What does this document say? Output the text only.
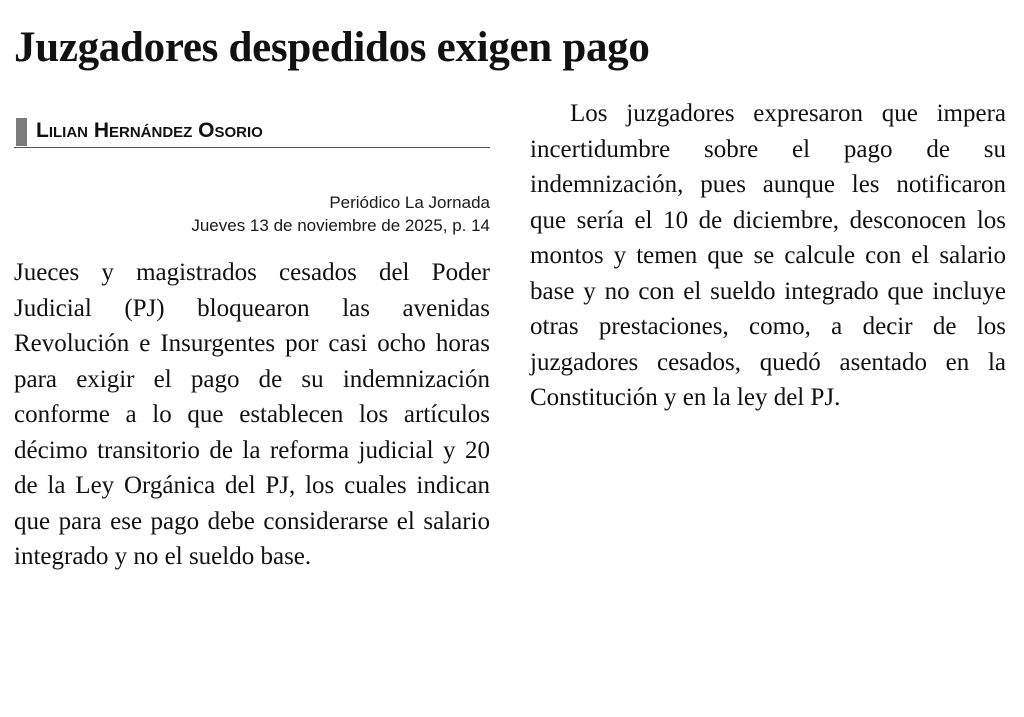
Juzgadores despedidos exigen pago
Lilian Hernández Osorio
Periódico La Jornada
Jueves 13 de noviembre de 2025, p. 14

Jueces y magistrados cesados del Poder Judicial (PJ) bloquearon las avenidas Revolución e Insurgentes por casi ocho horas para exigir el pago de su indemnización conforme a lo que establecen los artículos décimo transitorio de la reforma judicial y 20 de la Ley Orgánica del PJ, los cuales indican que para ese pago debe considerarse el salario integrado y no el sueldo base.

Los juzgadores expresaron que impera incertidumbre sobre el pago de su indemnización, pues aunque les notificaron que sería el 10 de diciembre, desconocen los montos y temen que se calcule con el salario base y no con el sueldo integrado que incluye otras prestaciones, como, a decir de los juzgadores cesados, quedó asentado en la Constitución y en la ley del PJ.
